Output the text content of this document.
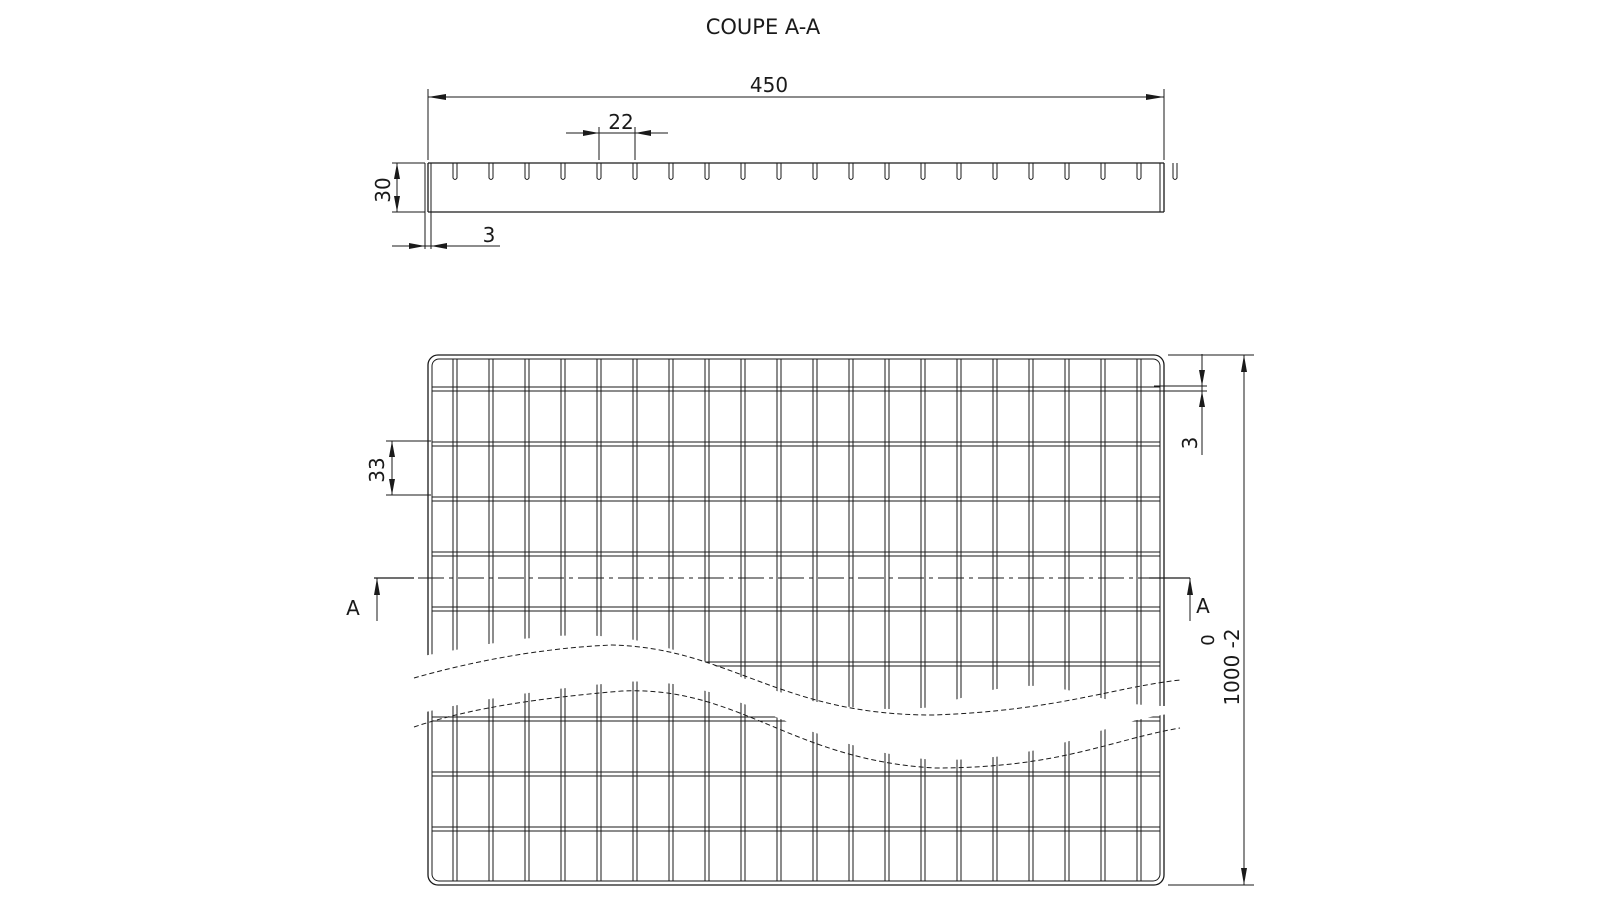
COUPE A-A
450
22
30
3
A	A
33
3
0 1000 -2
